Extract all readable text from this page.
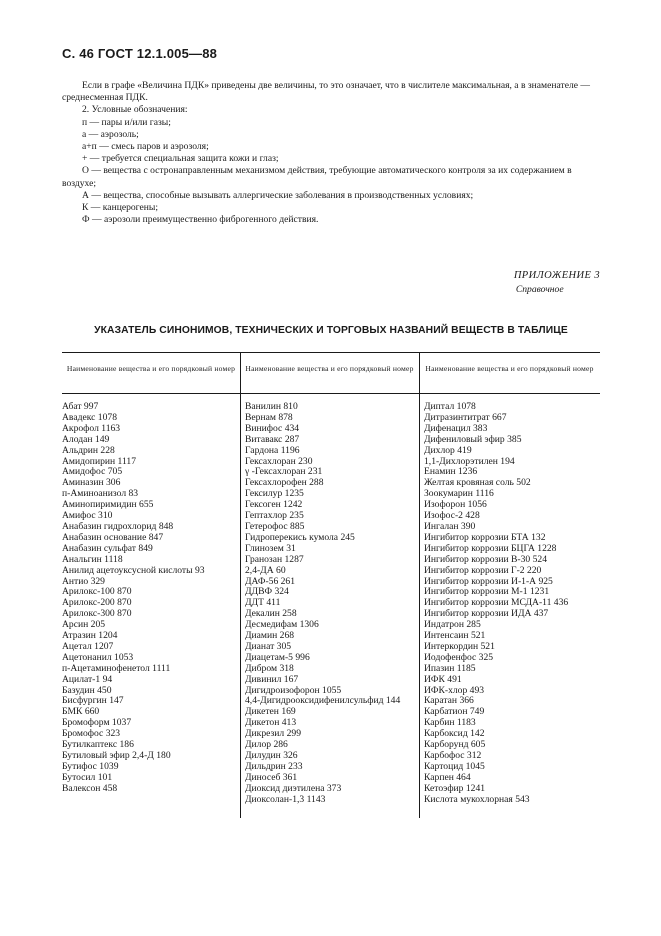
С. 46 ГОСТ 12.1.005—88

Если в графе «Величина ПДК» приведены две величины, то это означает, что в числителе максимальная, а в знаменателе — среднесменная ПДК.

2. Условные обозначения:

п — пары и/или газы;

а — аэрозоль;

а+п — смесь паров и аэрозоля;

+ — требуется специальная защита кожи и глаз;

О — вещества с остронаправленным механизмом действия, требующие автоматического контроля за их содержанием в воздухе;

А — вещества, способные вызывать аллергические заболевания в производственных условиях;

К — канцерогены;

Ф — аэрозоли преимущественно фиброгенного действия.

ПРИЛОЖЕНИЕ 3
Справочное
УКАЗАТЕЛЬ СИНОНИМОВ, ТЕХНИЧЕСКИХ И ТОРГОВЫХ НАЗВАНИЙ ВЕЩЕСТВ В ТАБЛИЦЕ
Наименование вещества и его порядковый номер Наименование вещества и его порядковый номер	Наименование вещества и его порядковый номер
Абат 997
Авадекс 1078
Акрофол 1163
Алодан 149
Альдрин 228
Амидопирин 1117
Амидофос 705
Аминазин 306
п-Аминоанизол 83
Аминопиримидин 655
Амифос 310
Анабазин гидрохлорид 848
Анабазин основание 847
Анабазин сульфат 849
Анальгин 1118
Анилид ацетоуксусной кислоты 93
Антио 329
Арилокс-100 870
Арилокс-200 870
Арилокс-300 870
Арсин 205
Атразин 1204
Ацетал 1207
Ацетонанил 1053
п-Ацетаминофенетол 1111
Ацилат-1 94
Базудин 450
Бисфургин 147
БМК 660
Бромоформ 1037
Бромофос 323
Бутилкаптекс 186
Бутиловый эфир 2,4-Д 180
Бутифос 1039
Бутосил 101
Валексон 458
Ванилин 810
Вернам 878
Винифос 434
Витавакс 287
Гардона 1196
Гексахлоран 230
γ -Гексахлоран 231
Гексахлорофен 288
Гексилур 1235
Гексоген 1242
Гептахлор 235
Гетерофос 885
Гидроперекись кумола 245
Глинозем 31
Гранозан 1287
2,4-ДА 60
ДАФ-56 261
ДДВФ 324
ДДТ 411
Декалин 258
Десмедифам 1306
Диамин 268
Дианат 305
Диацетам-5 996
Дибром 318
Дивинил 167
Дигидроизофорон 1055
4,4-Дигидрооксидифенилсульфид 144
Дикетен 169
Дикетон 413
Дикрезил 299
Дилор 286
Дилудин 326
Дильдрин 233
Диносеб 361
Диоксид диэтилена 373
Диоксолан-1,3 1143
Диптал 1078
Дитразинтитрат 667
Дифенацил 383
Дифениловый эфир 385
Дихлор 419
1,1-Дихлорэтилен 194
Енамин 1236
Желтая кровяная соль 502
Зоокумарин 1116
Изофорон 1056
Изофос-2 428
Ингалан 390
Ингибитор коррозии БТА 132
Ингибитор коррозии БЦГА 1228
Ингибитор коррозии В-30 524
Ингибитор коррозии Г-2 220
Ингибитор коррозии И-1-А 925
Ингибитор коррозии М-1 1231
Ингибитор коррозии МСДА-11 436
Ингибитор коррозии ИДА 437
Индатрон 285
Интенсаин 521
Интеркордин 521
Иодофенфос 325
Ипазин 1185
ИФК 491
ИФК-хлор 493
Каратан 366
Карбатион 749
Карбин 1183
Карбоксид 142
Карборунд 605
Карбофос 312
Картоцид 1045
Карпен 464
Кетоэфир 1241
Кислота мукохлорная 543
